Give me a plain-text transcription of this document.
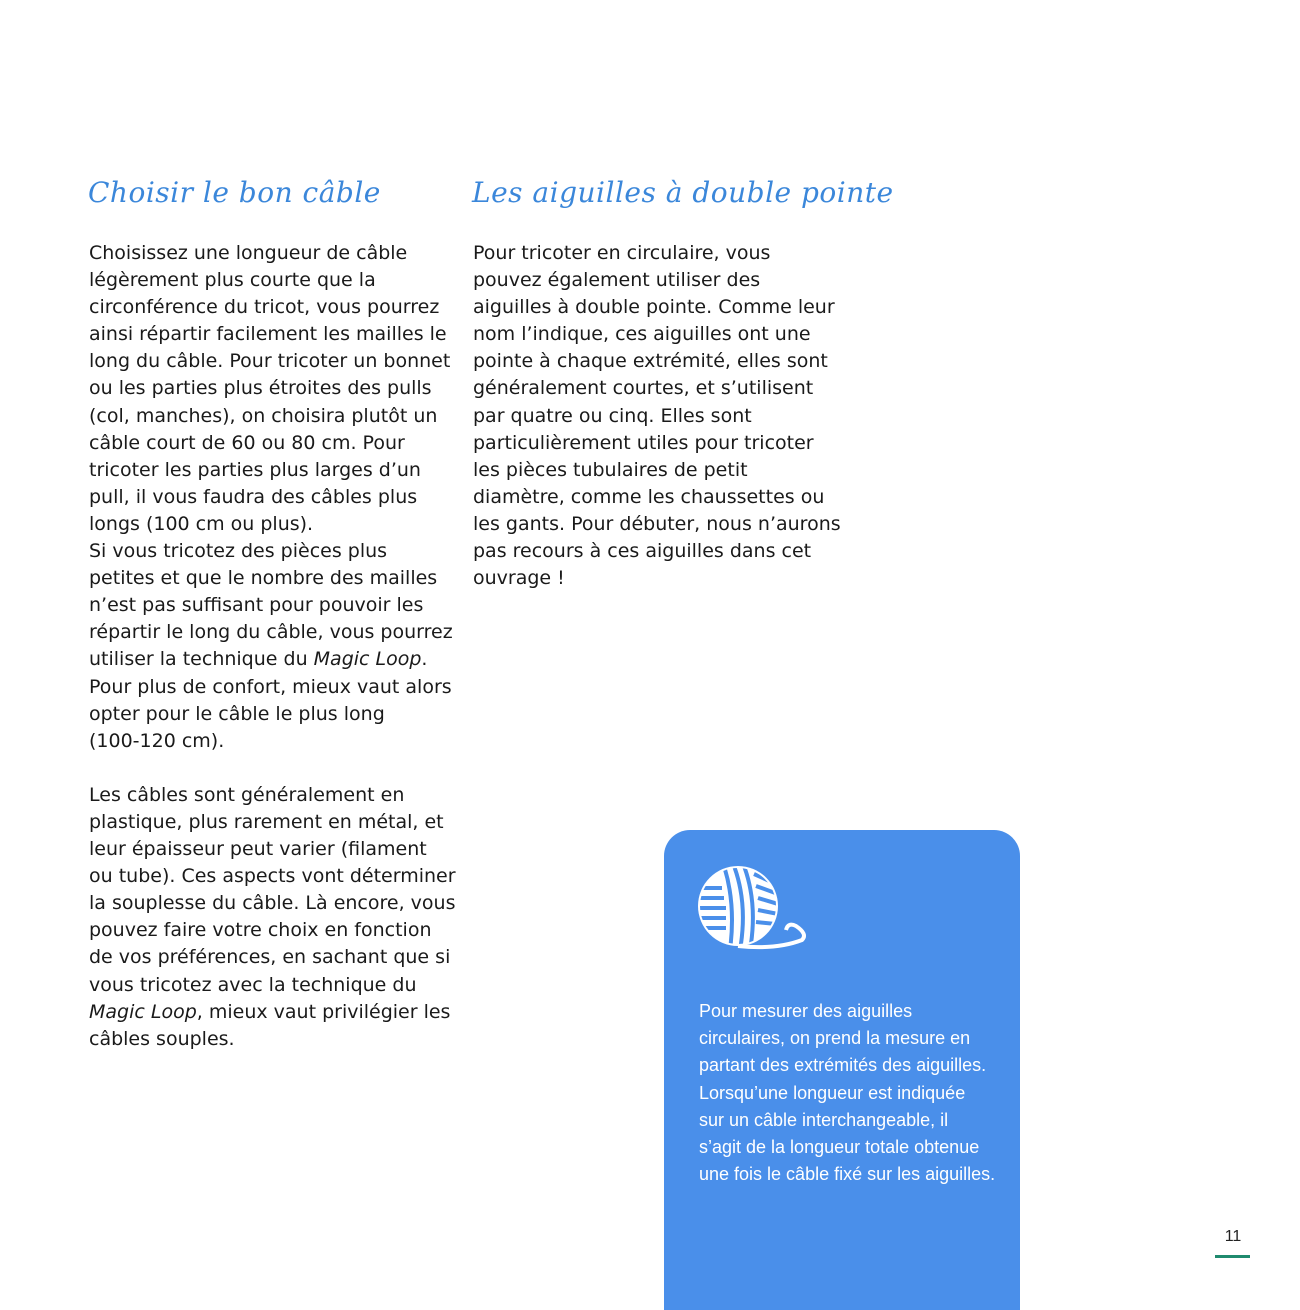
Choisir le bon câble
Choisissez une longueur de câble
légèrement plus courte que la
circonférence du tricot, vous pourrez
ainsi répartir facilement les mailles le
long du câble. Pour tricoter un bonnet
ou les parties plus étroites des pulls
(col, manches), on choisira plutôt un
câble court de 60 ou 80 cm. Pour
tricoter les parties plus larges d’un
pull, il vous faudra des câbles plus
longs (100 cm ou plus).
Si vous tricotez des pièces plus
petites et que le nombre des mailles
n’est pas suffisant pour pouvoir les
répartir le long du câble, vous pourrez
utiliser la technique du Magic Loop.
Pour plus de confort, mieux vaut alors
opter pour le câble le plus long
(100-120 cm).
Les câbles sont généralement en
plastique, plus rarement en métal, et
leur épaisseur peut varier (filament
ou tube). Ces aspects vont déterminer
la souplesse du câble. Là encore, vous
pouvez faire votre choix en fonction
de vos préférences, en sachant que si
vous tricotez avec la technique du
Magic Loop, mieux vaut privilégier les
câbles souples.
Les aiguilles à double pointe
Pour tricoter en circulaire, vous
pouvez également utiliser des
aiguilles à double pointe. Comme leur
nom l’indique, ces aiguilles ont une
pointe à chaque extrémité, elles sont
généralement courtes, et s’utilisent
par quatre ou cinq. Elles sont
particulièrement utiles pour tricoter
les pièces tubulaires de petit
diamètre, comme les chaussettes ou
les gants. Pour débuter, nous n’aurons
pas recours à ces aiguilles dans cet
ouvrage !
Pour mesurer des aiguilles
circulaires, on prend la mesure en
partant des extrémités des aiguilles.
Lorsqu’une longueur est indiquée
sur un câble interchangeable, il
s’agit de la longueur totale obtenue
une fois le câble fixé sur les aiguilles.
11
